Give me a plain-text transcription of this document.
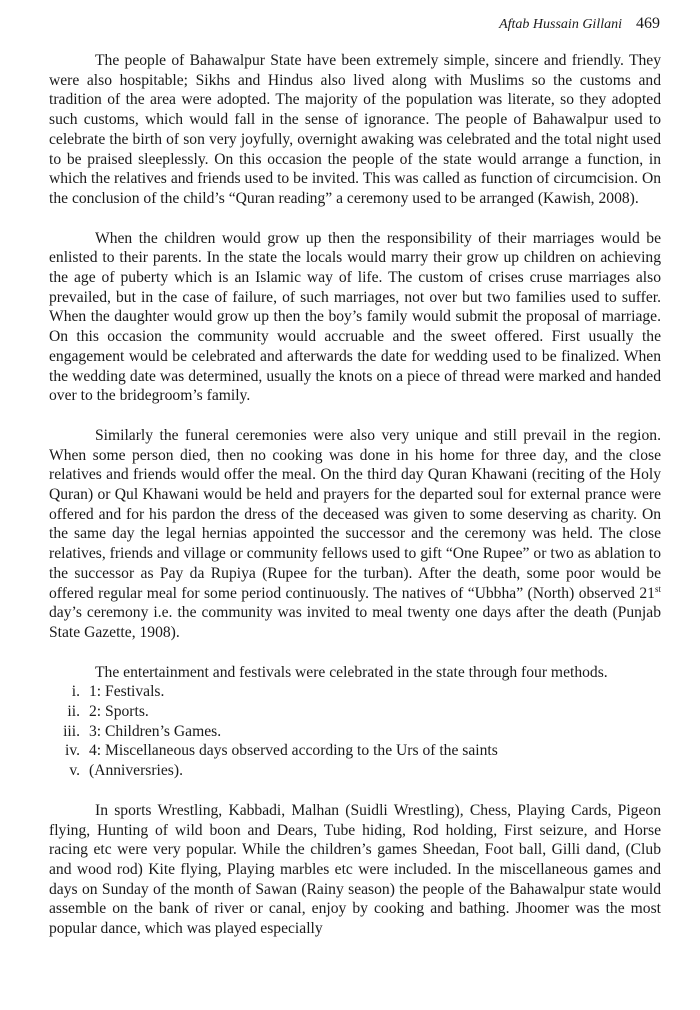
Aftab Hussain Gillani 469

The people of Bahawalpur State have been extremely simple, sincere and friendly. They were also hospitable; Sikhs and Hindus also lived along with Muslims so the customs and tradition of the area were adopted. The majority of the population was literate, so they adopted such customs, which would fall in the sense of ignorance. The people of Bahawalpur used to celebrate the birth of son very joyfully, overnight awaking was celebrated and the total night used to be praised sleeplessly. On this occasion the people of the state would arrange a function, in which the relatives and friends used to be invited. This was called as function of circumcision. On the conclusion of the child’s “Quran reading” a ceremony used to be arranged (Kawish, 2008).

When the children would grow up then the responsibility of their marriages would be enlisted to their parents. In the state the locals would marry their grow up children on achieving the age of puberty which is an Islamic way of life. The custom of crises cruse marriages also prevailed, but in the case of failure, of such marriages, not over but two families used to suffer. When the daughter would grow up then the boy’s family would submit the proposal of marriage. On this occasion the community would accruable and the sweet offered. First usually the engagement would be celebrated and afterwards the date for wedding used to be finalized. When the wedding date was determined, usually the knots on a piece of thread were marked and handed over to the bridegroom’s family.

Similarly the funeral ceremonies were also very unique and still prevail in the region. When some person died, then no cooking was done in his home for three day, and the close relatives and friends would offer the meal. On the third day Quran Khawani (reciting of the Holy Quran) or Qul Khawani would be held and prayers for the departed soul for external prance were offered and for his pardon the dress of the deceased was given to some deserving as charity. On the same day the legal hernias appointed the successor and the ceremony was held. The close relatives, friends and village or community fellows used to gift “One Rupee” or two as ablation to the successor as Pay da Rupiya (Rupee for the turban). After the death, some poor would be offered regular meal for some period continuously. The natives of “Ubbha” (North) observed 21st day’s ceremony i.e. the community was invited to meal twenty one days after the death (Punjab State Gazette, 1908).

The entertainment and festivals were celebrated in the state through four methods.

i. 1: Festivals.
ii. 2: Sports.
iii. 3: Children’s Games.
iv. 4: Miscellaneous days observed according to the Urs of the saints
v. (Anniversries).

In sports Wrestling, Kabbadi, Malhan (Suidli Wrestling), Chess, Playing Cards, Pigeon flying, Hunting of wild boon and Dears, Tube hiding, Rod holding, First seizure, and Horse racing etc were very popular. While the children’s games Sheedan, Foot ball, Gilli dand, (Club and wood rod) Kite flying, Playing marbles etc were included. In the miscellaneous games and days on Sunday of the month of Sawan (Rainy season) the people of the Bahawalpur state would assemble on the bank of river or canal, enjoy by cooking and bathing. Jhoomer was the most popular dance, which was played especially
